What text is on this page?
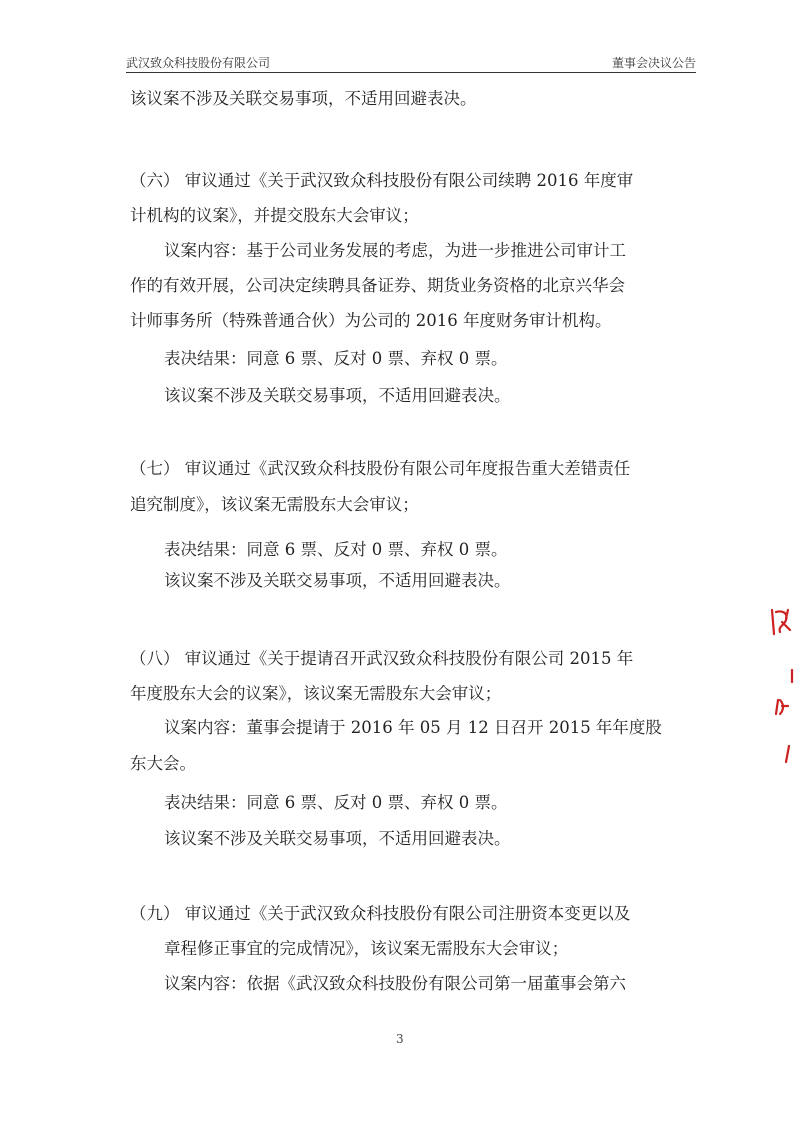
武汉致众科技股份有限公司	董事会决议公告
该议案不涉及关联交易事项，不适用回避表决。
（六） 审议通过《关于武汉致众科技股份有限公司续聘 2016 年度审
计机构的议案》，并提交股东大会审议；
议案内容：基于公司业务发展的考虑，为进一步推进公司审计工
作的有效开展，公司决定续聘具备证券、期货业务资格的北京兴华会
计师事务所（特殊普通合伙）为公司的 2016 年度财务审计机构。
表决结果：同意 6 票、反对 0 票、弃权 0 票。
该议案不涉及关联交易事项，不适用回避表决。
（七） 审议通过《武汉致众科技股份有限公司年度报告重大差错责任
追究制度》，该议案无需股东大会审议；
表决结果：同意 6 票、反对 0 票、弃权 0 票。
该议案不涉及关联交易事项，不适用回避表决。
（八） 审议通过《关于提请召开武汉致众科技股份有限公司 2015 年
年度股东大会的议案》，该议案无需股东大会审议；
议案内容：董事会提请于 2016 年 05 月 12 日召开 2015 年年度股
东大会。
表决结果：同意 6 票、反对 0 票、弃权 0 票。
该议案不涉及关联交易事项，不适用回避表决。
（九） 审议通过《关于武汉致众科技股份有限公司注册资本变更以及
章程修正事宜的完成情况》，该议案无需股东大会审议；
议案内容：依据《武汉致众科技股份有限公司第一届董事会第六
3
